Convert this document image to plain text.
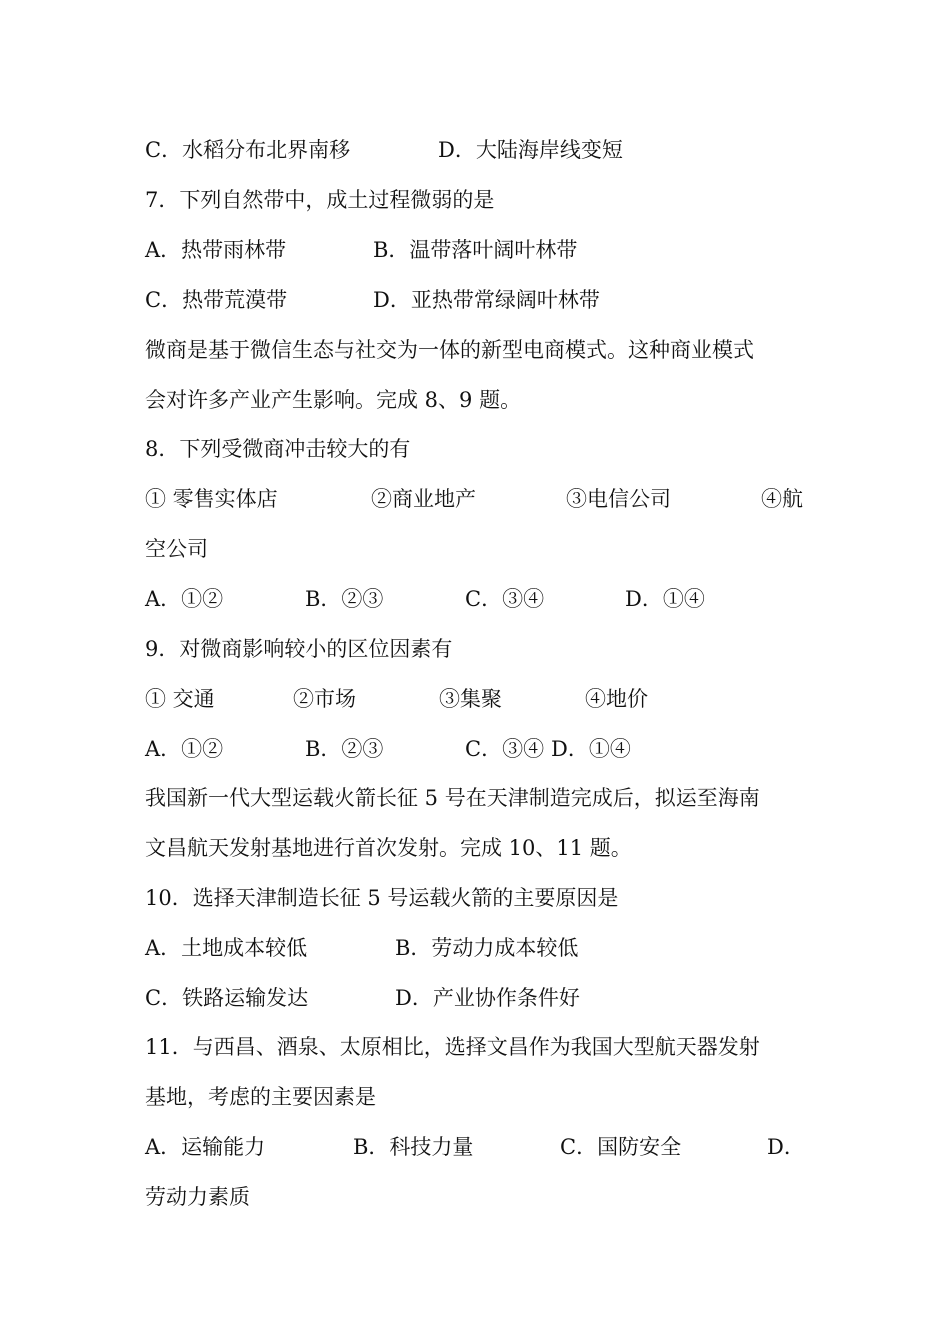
C．水稻分布北界南移	D．大陆海岸线变短
7．下列自然带中，成土过程微弱的是
A．热带雨林带	B．温带落叶阔叶林带
C．热带荒漠带	D．亚热带常绿阔叶林带
微商是基于微信生态与社交为一体的新型电商模式。这种商业模式
会对许多产业产生影响。完成 8、9 题。
8．下列受微商冲击较大的有
① 零售实体店	②商业地产	③电信公司	④航
空公司
A．①②	B．②③	C．③④	D．①④
9．对微商影响较小的区位因素有
① 交通	②市场	③集聚	④地价
A．①②	B．②③	C．③④ D．①④
我国新一代大型运载火箭长征 5 号在天津制造完成后，拟运至海南
文昌航天发射基地进行首次发射。完成 10、11 题。
10．选择天津制造长征 5 号运载火箭的主要原因是
A．土地成本较低	B．劳动力成本较低
C．铁路运输发达	D．产业协作条件好
11．与西昌、酒泉、太原相比，选择文昌作为我国大型航天器发射
基地，考虑的主要因素是
A．运输能力	B．科技力量	C．国防安全	D．
劳动力素质
